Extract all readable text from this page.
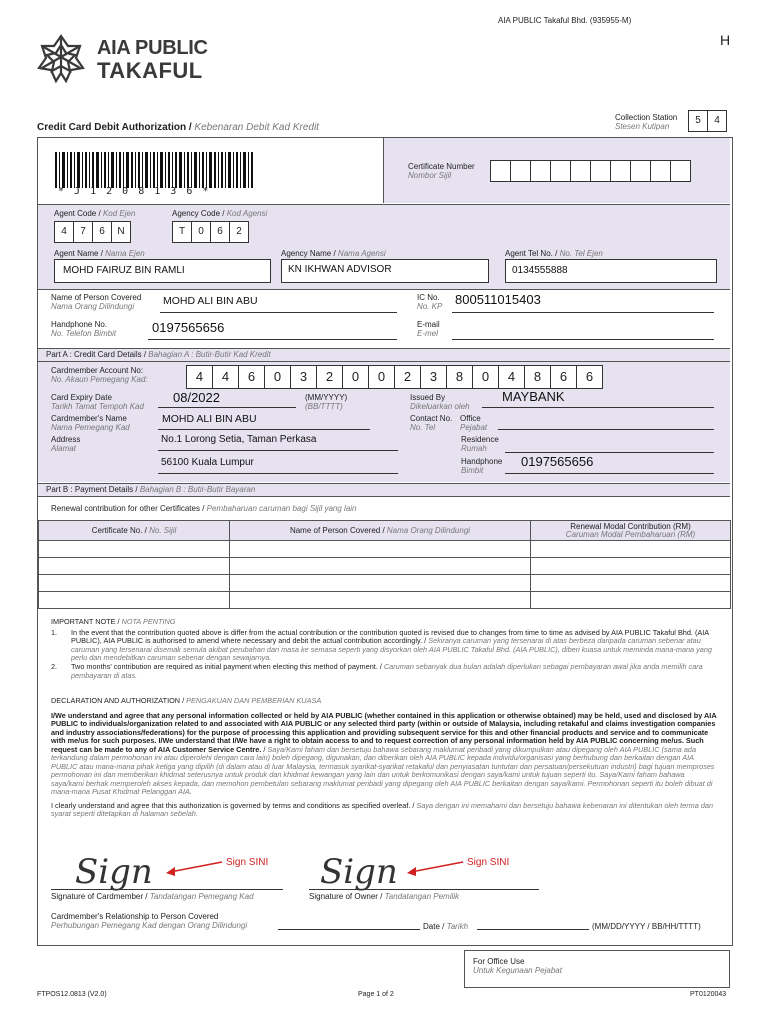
AIA PUBLIC Takaful Bhd. (935955-M)
H
AIA PUBLIC
TAKAFUL
Credit Card Debit Authorization / Kebenaran Debit Kad Kredit
Collection Station
Stesen Kutipan
5	4
* J 1 2 0 8 1 3 6 *
Certificate Number
Nombor Sijil
Agent Code / Kod Ejen
4	7	6	N
Agency Code / Kod Agensi
T	0	6	2
Agent Name / Nama Ejen
MOHD FAIRUZ BIN RAMLI
Agency Name / Nama Agensi
KN IKHWAN ADVISOR
Agent Tel No. / No. Tel Ejen
0134555888
Name of Person Covered
Nama Orang Dilindungi	MOHD ALI BIN ABU	IC No.
No. KP 800511015403
Handphone No.
No. Telefon Bimbit	0197565656	E-mail
E-mel
Part A : Credit Card Details / Bahagian A : Butir-Butir Kad Kredit
Cardmember Account No:
No. Akaun Pemegang Kad:	4	4	6	0	3	2	0	0	2	3	8	0	4	8	6	6
Card Expiry Date
Tarikh Tamat Tempoh Kad
08/2022	(MM/YYYY)
(BB/TTTT)
Issued By
Dikeluarkan oleh
MAYBANK
Cardmember's Name
Nama Pemegang Kad
MOHD ALI BIN ABU	Contact No.
No. Tel
Office
Pejabat
Address
Alamat
No.1 Lorong Setia, Taman Perkasa
56100 Kuala Lumpur
Residence
Rumah
Handphone
Bimbit
0197565656
Part B : Payment Details / Bahagian B : Butir-Butir Bayaran
Renewal contribution for other Certificates / Pembaharuan caruman bagi Sijil yang lain
Certificate No. / No. Sijil	Name of Person Covered / Nama Orang Dilindungi	Renewal Modal Contribution (RM)
Caruman Modal Pembaharuan (RM)

IMPORTANT NOTE / NOTA PENTING
1.	In the event that the contribution quoted above is differ from the actual contribution or the contribution quoted is revised due to changes from time to time as advised by AIA PUBLIC Takaful Bhd. (AIA PUBLIC), AIA PUBLIC is authorised to amend where necessary and debit the actual contribution accordingly. / Sekiranya caruman yang tersenarai di atas berbeza daripada caruman sebenar atau caruman yang tersenarai disemak semula akibat perubahan dari masa ke semasa seperti yang disyorkan oleh AIA PUBLIC Takaful Bhd. (AIA PUBLIC), diberi kuasa untuk meminda mana-mana yang perlu dan mendebitkan caruman sebenar dengan sewajarnya.
2.	Two months' contribution are required as initial payment when electing this method of payment. / Caruman sebanyak dua bulan adalah diperlukan sebagai pembayaran awal jika anda memilih cara pembayaran di atas.
DECLARATION AND AUTHORIZATION / PENGAKUAN DAN PEMBERIAN KUASA
I/We understand and agree that any personal information collected or held by AIA PUBLIC (whether contained in this application or otherwise obtained) may be held, used and disclosed by AIA PUBLIC to individuals/organization related to and associated with AIA PUBLIC or any selected third party (within or outside of Malaysia, including retakaful and claims investigation companies and industry associations/federations) for the purpose of processing this application and providing subsequent service for this and other financial products and service and to communicate with me/us for such purposes. I/We understand that I/We have a right to obtain access to and to request correction of any personal information held by AIA PUBLIC concerning me/us. Such request can be made to any of AIA Customer Service Centre. / Saya/Kami faham dan bersetuju bahawa sebarang maklumat peribadi yang dikumpulkan atau dipegang oleh AIA PUBLIC (sama ada terkandung dalam permohonan ini atau diperolehi dengan cara lain) boleh dipegang, digunakan, dan diberikan oleh AIA PUBLIC kepada individu/organisasi yang berhubung dan berkaitan dengan AIA PUBLIC atau mana-mana pihak ketiga yang dipilih (di dalam atau di luar Malaysia, termasuk syarikat-syarikat retakaful dan penyiasatan tuntutan dan persatuan/persekutuan industri) bagi tujuan memproses permohonan ini dan memberikan khidmat seterusnya untuk produk dan khidmat kewangan yang lain dan untuk berkomunikasi dengan saya/kami untuk tujuan seperti itu. Saya/Kami faham bahawa saya/kami berhak memperoleh akses kepada, dan memohon pembetulan sebarang maklumat peribadi yang dipegang oleh AIA PUBLIC berkaitan dengan saya/kami. Permohonan seperti itu boleh dibuat di mana-mana Pusat Khidmat Pelanggan AIA.
I clearly understand and agree that this authorization is governed by terms and conditions as specified overleaf. / Saya dengan ini memahami dan bersetuju bahawa kebenaran ini ditentukan oleh terma dan syarat seperti ditetapkan di halaman sebelah.
Sign	Sign SINI
Signature of Cardmember / Tandatangan Pemegang Kad
Sign	Sign SINI
Signature of Owner / Tandatangan Pemilik
Cardmember's Relationship to Person Covered
Perhubungan Pemegang Kad dengan Orang Dilindungi	Date / Tarikh	(MM/DD/YYYY / BB/HH/TTTT)
For Office Use
Untuk Kegunaan Pejabat
FTPOS12.0813 (V2.0)	Page 1 of 2	PT0120043
